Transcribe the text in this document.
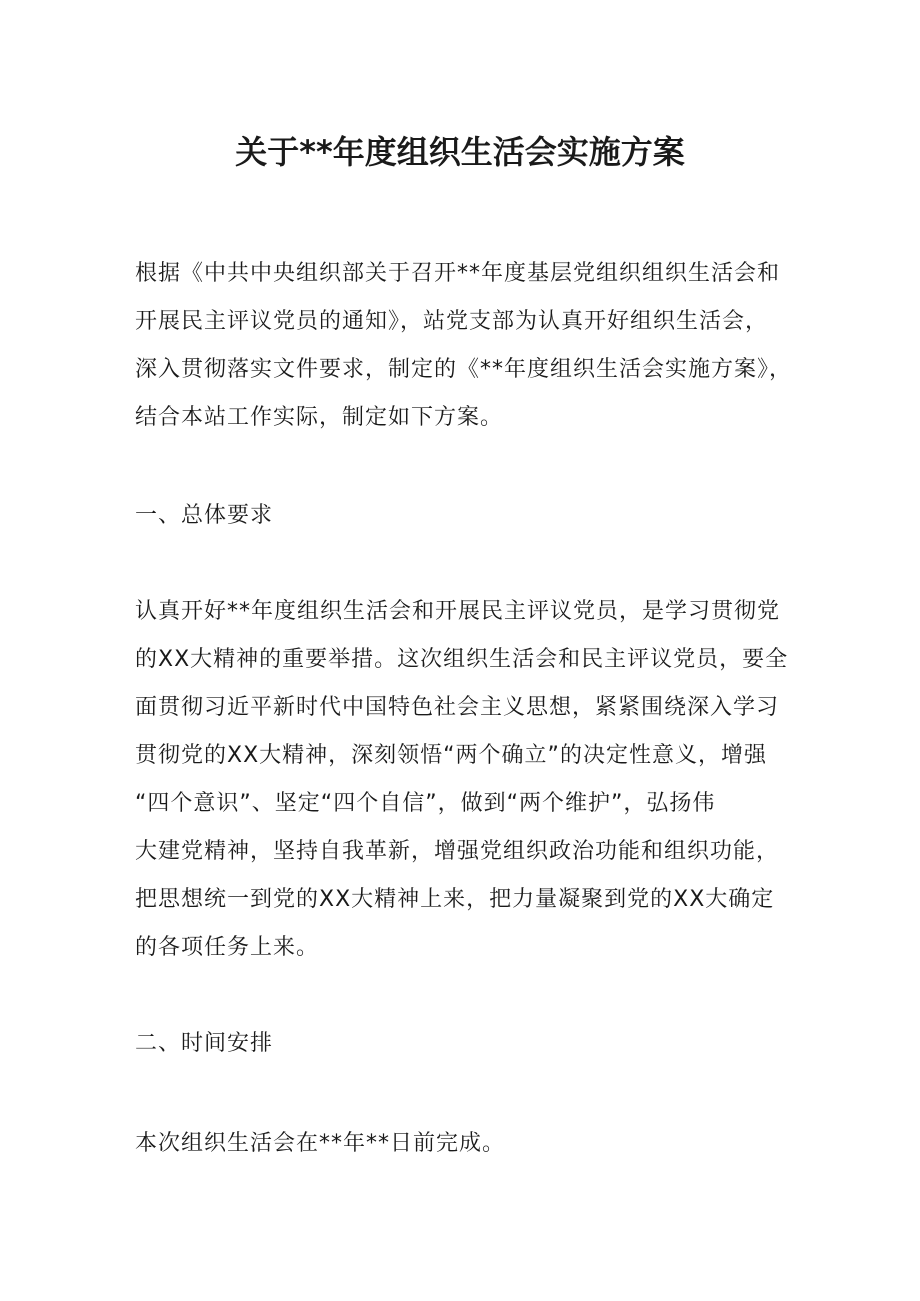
关于**年度组织生活会实施方案

根据《中共中央组织部关于召开**年度基层党组织组织生活会和

开展民主评议党员的通知》，站党支部为认真开好组织生活会，

深入贯彻落实文件要求，制定的《**年度组织生活会实施方案》，

结合本站工作实际，制定如下方案。

一、总体要求

认真开好**年度组织生活会和开展民主评议党员，是学习贯彻党

的XX大精神的重要举措。这次组织生活会和民主评议党员，要全

面贯彻习近平新时代中国特色社会主义思想，紧紧围绕深入学习

贯彻党的XX大精神，深刻领悟“两个确立”的决定性意义，增强

“四个意识”、坚定“四个自信”，做到“两个维护”，弘扬伟

大建党精神，坚持自我革新，增强党组织政治功能和组织功能，

把思想统一到党的XX大精神上来，把力量凝聚到党的XX大确定

的各项任务上来。

二、时间安排

本次组织生活会在**年**日前完成。
